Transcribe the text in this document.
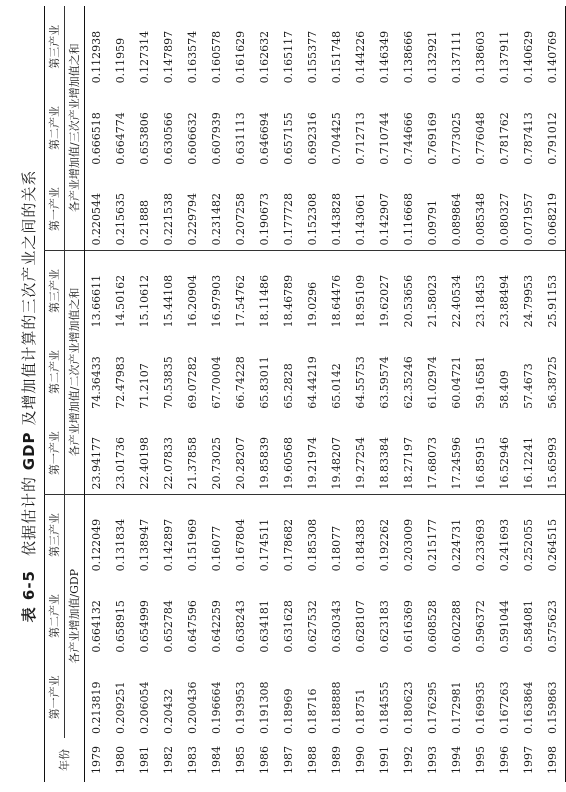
表 6-5依据估计的 GDP 及增加值计算的三次产业之间的关系
年份	第一产业	第二产业	第三产业	第一产业	第二产业	第三产业	第一产业	第二产业	第三产业
	各产业增加值/GDP			各产业增加值/二次产业增加值之和			各产业增加值/三次产业增加值之和		
1979	0.213819	0.664132	0.122049	23.94177	74.36433	13.66611	0.220544	0.666518	0.112938
1980	0.209251	0.658915	0.131834	23.01736	72.47983	14.50162	0.215635	0.664774	0.11959
1981	0.206054	0.654999	0.138947	22.40198	71.2107	15.10612	0.21888	0.653806	0.127314
1982	0.20432	0.652784	0.142897	22.07833	70.53835	15.44108	0.221538	0.630566	0.147897
1983	0.200436	0.647596	0.151969	21.37858	69.07282	16.20904	0.229794	0.606632	0.163574
1984	0.196664	0.642259	0.16077	20.73025	67.70004	16.97903	0.231482	0.607939	0.160578
1985	0.193953	0.638243	0.167804	20.28207	66.74228	17.54762	0.207258	0.631113	0.161629
1986	0.191308	0.634181	0.174511	19.85839	65.83011	18.11486	0.190673	0.646694	0.162632
1987	0.18969	0.631628	0.178682	19.60568	65.2828	18.46789	0.177728	0.657155	0.165117
1988	0.18716	0.627532	0.185308	19.21974	64.44219	19.0296	0.152308	0.692316	0.155377
1989	0.188888	0.630343	0.18077	19.48207	65.0142	18.64476	0.143828	0.704425	0.151748
1990	0.18751	0.628107	0.184383	19.27254	64.55753	18.95109	0.143061	0.712713	0.144226
1991	0.184555	0.623183	0.192262	18.83384	63.59574	19.62027	0.142907	0.710744	0.146349
1992	0.180623	0.616369	0.203009	18.27197	62.35246	20.53656	0.116668	0.744666	0.138666
1993	0.176295	0.608528	0.215177	17.68073	61.02974	21.58023	0.09791	0.769169	0.132921
1994	0.172981	0.602288	0.224731	17.24596	60.04721	22.40534	0.089864	0.773025	0.137111
1995	0.169935	0.596372	0.233693	16.85915	59.16581	23.18453	0.085348	0.776048	0.138603
1996	0.167263	0.591044	0.241693	16.52946	58.409	23.88494	0.080327	0.781762	0.137911
1997	0.163864	0.584081	0.252055	16.12241	57.4673	24.79953	0.071957	0.787413	0.140629
1998	0.159863	0.575623	0.264515	15.65993	56.38725	25.91153	0.068219	0.791012	0.140769
